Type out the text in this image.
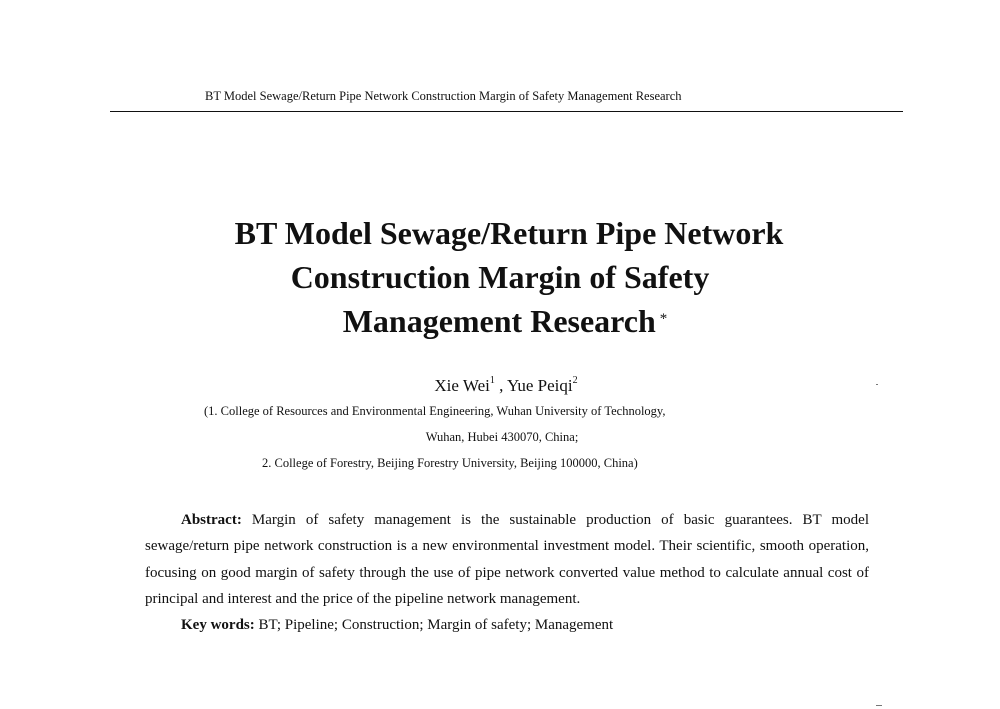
BT Model Sewage/Return Pipe Network Construction Margin of Safety Management Research
BT Model Sewage/Return Pipe Network
Construction Margin of Safety
Management Research *
Xie Wei$^1$ , Yue Peiqi$^2$
(1. College of Resources and Environmental Engineering, Wuhan University of Technology,
Wuhan, Hubei 430070, China;
2. College of Forestry, Beijing Forestry University, Beijing 100000, China)

Abstract: Margin of safety management is the sustainable production of basic guarantees. BT model sewage/return pipe network construction is a new environmental investment model. Their scientific, smooth operation, focusing on good margin of safety through the use of pipe network converted value method to calculate annual cost of principal and interest and the price of the pipeline network management.

Key words: BT; Pipeline; Construction; Margin of safety; Management
